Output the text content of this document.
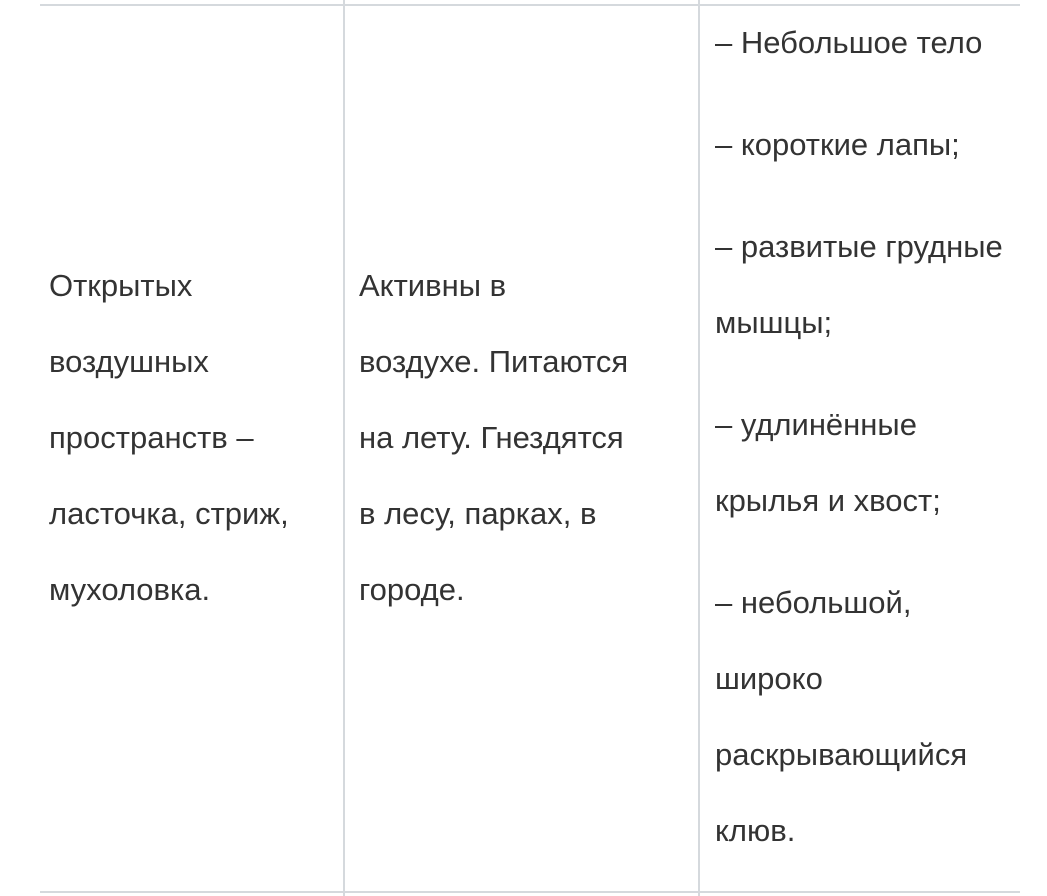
Открытых
воздушных
пространств –
ласточка, стриж,
мухоловка.
Активны в
воздухе. Питаются
на лету. Гнездятся
в лесу, парках, в
городе.
– Небольшое тело
– короткие лапы;
– развитые грудные
мышцы;
– удлинённые
крылья и хвост;
– небольшой,
широко
раскрывающийся
клюв.
